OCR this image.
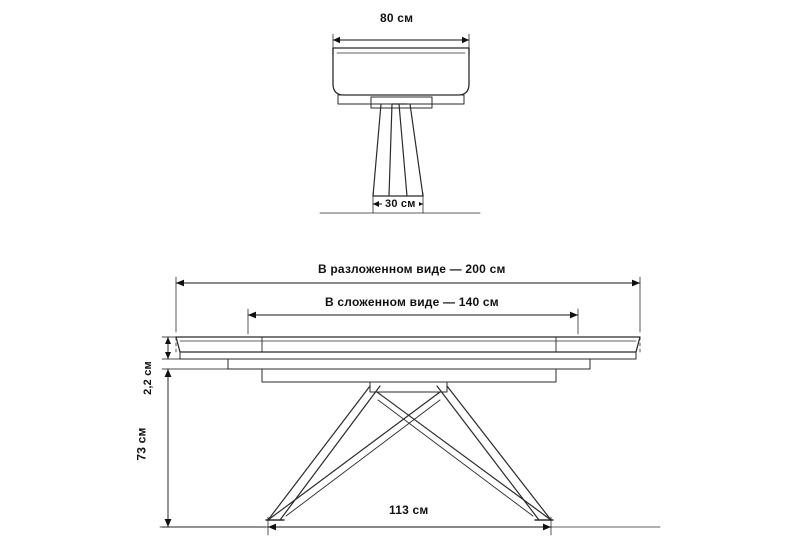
80 см
30 см
В разложенном виде — 200 см
В сложенном виде — 140 см
2,2 см
73 см
113 см
